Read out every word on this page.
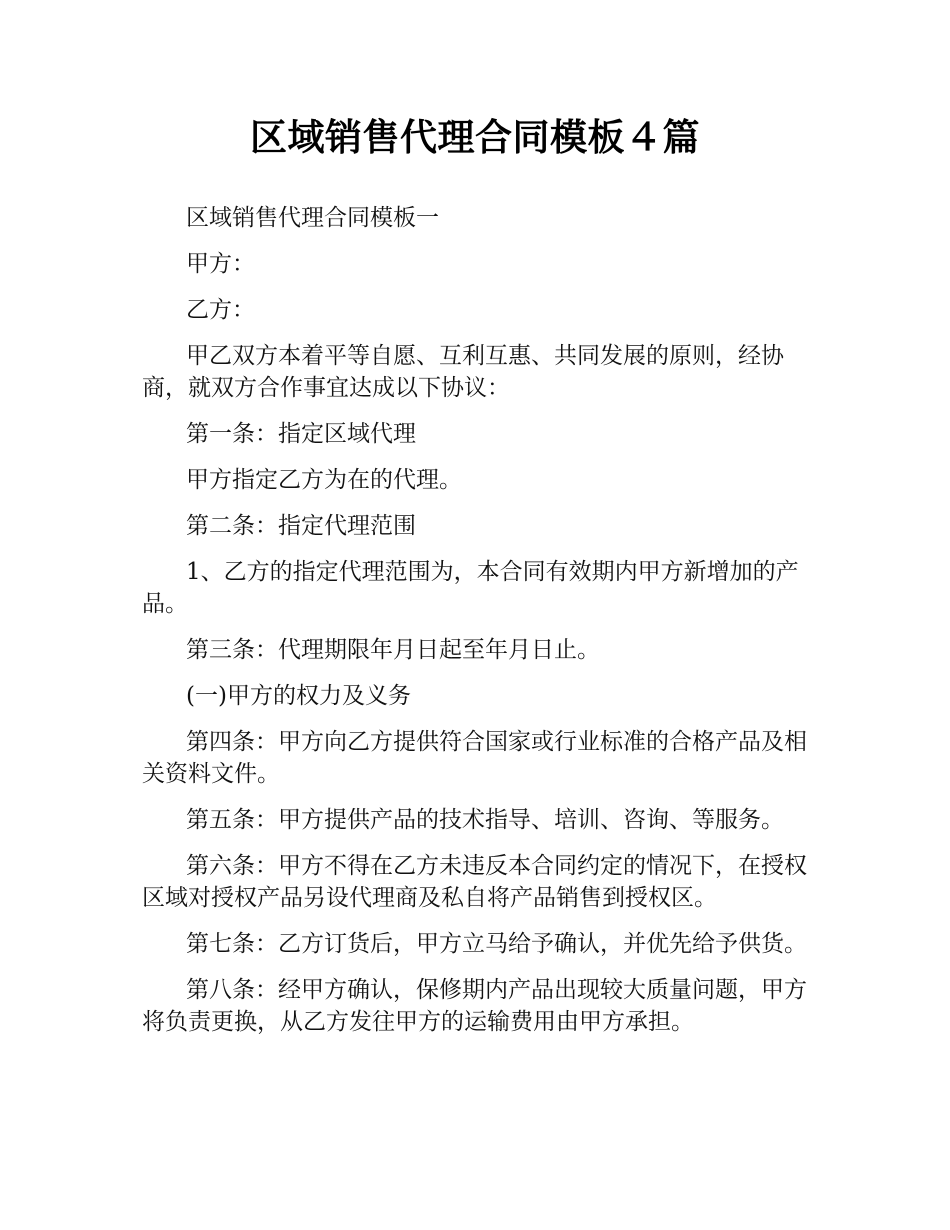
区域销售代理合同模板４篇

区域销售代理合同模板一

甲方：

乙方：

甲乙双方本着平等自愿、互利互惠、共同发展的原则，经协商，就双方合作事宜达成以下协议：

第一条：指定区域代理

甲方指定乙方为在的代理。

第二条：指定代理范围

1、乙方的指定代理范围为，本合同有效期内甲方新增加的产品。

第三条：代理期限年月日起至年月日止。

(一)甲方的权力及义务

第四条：甲方向乙方提供符合国家或行业标准的合格产品及相关资料文件。

第五条：甲方提供产品的技术指导、培训、咨询、等服务。

第六条：甲方不得在乙方未违反本合同约定的情况下，在授权区域对授权产品另设代理商及私自将产品销售到授权区。

第七条：乙方订货后，甲方立马给予确认，并优先给予供货。

第八条：经甲方确认，保修期内产品出现较大质量问题，甲方将负责更换，从乙方发往甲方的运输费用由甲方承担。
